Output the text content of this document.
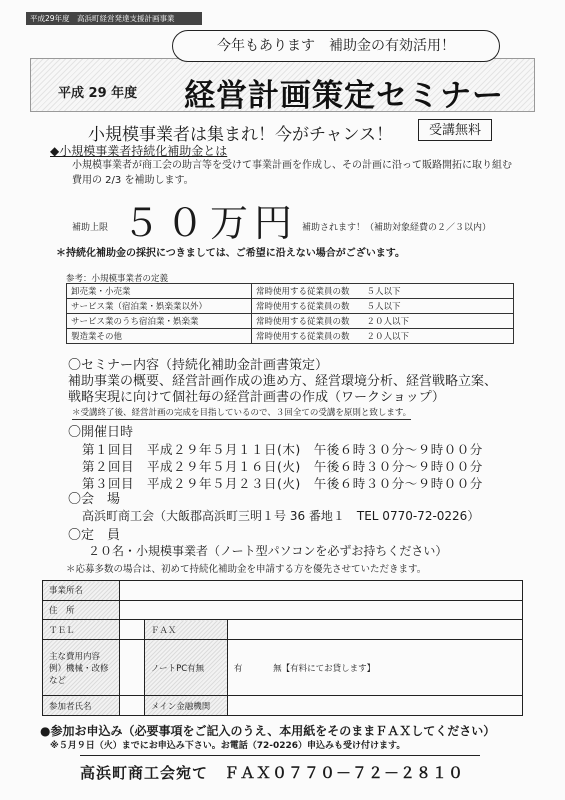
平成29年度　高浜町経営発達支援計画事業
今年もあります　補助金の有効活用！
平成 29 年度 経営計画策定セミナー
小規模事業者は集まれ！今がチャンス！	受講無料
◆小規模事業者持続化補助金とは
小規模事業者が商工会の助言等を受けて事業計画を作成し、その計画に沿って販路開拓に取り組む費用の 2/3 を補助します。
補助上限 ５０万円 補助されます！（補助対象経費の２／３以内）
＊持続化補助金の採択につきましては、ご希望に沿えない場合がございます。
参考：小規模事業者の定義
卸売業・小売業	常時使用する従業員の数　　５人以下
サービス業（宿泊業・娯楽業以外）	常時使用する従業員の数　　５人以下
サービス業のうち宿泊業・娯楽業	常時使用する従業員の数　　２０人以下
製造業その他	常時使用する従業員の数　　２０人以下
〇セミナー内容（持続化補助金計画書策定）
補助事業の概要、経営計画作成の進め方、経営環境分析、経営戦略立案、
戦略実現に向けて個社毎の経営計画書の作成（ワークショップ）
＊受講終了後、経営計画の完成を目指しているので、３回全ての受講を原則と致します。
〇開催日時
第１回目　平成２９年５月１１日(木)　午後６時３０分～９時００分
第２回目　平成２９年５月１６日(火)　午後６時３０分～９時００分
第３回目　平成２９年５月２３日(火)　午後６時３０分～９時００分
〇会　場
高浜町商工会（大飯郡高浜町三明１号 36 番地１　TEL 0770-72-0226）
〇定　員
２０名・小規模事業者（ノート型パソコンを必ずお持ちください）
＊応募多数の場合は、初めて持続化補助金を申請する方を優先させていただきます。
事業所名			
住　所			
ＴＥＬ		ＦＡＸ	
主な費用内容
例）機械・改修など		ノートPC有無	有 無【有料にてお貸します】
参加者氏名		メイン金融機関	
●参加お申込み（必要事項をご記入のうえ、本用紙をそのままＦＡＸしてください）
※５月９日（火）までにお申込み下さい。お電話（72-0226）申込みも受け付けます。
高浜町商工会宛て　ＦＡＸ０７７０－７２－２８１０
